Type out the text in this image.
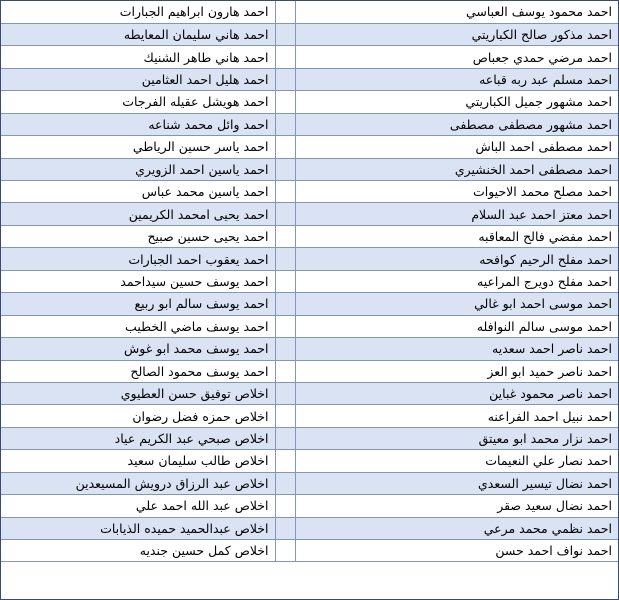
احمد محمود يوسف العباسي		احمد هارون ابراهيم الجبارات
احمد مذكور صالح الكباريتي		احمد هاني سليمان المعايطه
احمد مرضي حمدي جعباص		احمد هاني طاهر الشنيك
احمد مسلم عبد ربه قباعه		احمد هليل احمد العثامين
احمد مشهور جميل الكباريتي		احمد هويشل عقيله الفرجات
احمد مشهور مصطفى مصطفى		احمد وائل محمد شناعه
احمد مصطفى احمد الباش		احمد ياسر حسين الرياطي
احمد مصطفى احمد الخنشيري		احمد ياسين احمد الزويري
احمد مصلح محمد الاحيوات		احمد ياسين محمد عباس
احمد معتز احمد عبد السلام		احمد يحيى امحمد الكريمين
احمد مفضي فالح المعاقبه		احمد يحيى حسين صبيح
احمد مفلح الرحيم كوافحه		احمد يعقوب احمد الجبارات
احمد مفلح دويرج المراعيه		احمد يوسف حسين سيداحمد
احمد موسى احمد ابو غالي		احمد يوسف سالم ابو ربيع
احمد موسى سالم النوافله		احمد يوسف ماضي الخطيب
احمد ناصر احمد سعديه		احمد يوسف محمد ابو غوش
احمد ناصر حميد ابو العز		احمد يوسف محمود الصالح
احمد ناصر محمود غباين		اخلاص توفيق حسن العطيوي
احمد نبيل احمد الفراعنه		اخلاص حمزه فضل رضوان
احمد نزار محمد ابو معيتق		اخلاص صبحي عبد الكريم عياد
احمد نصار علي النعيمات		اخلاص طالب سليمان سعيد
احمد نضال تيسير السعدي		اخلاص عبد الرزاق درويش المسيعدين
احمد نضال سعيد صقر		اخلاص عبد الله احمد علي
احمد نظمي محمد مرعي		اخلاص عبدالحميد حميده الذيابات
احمد نواف احمد حسن		اخلاص كمل حسين جنديه
